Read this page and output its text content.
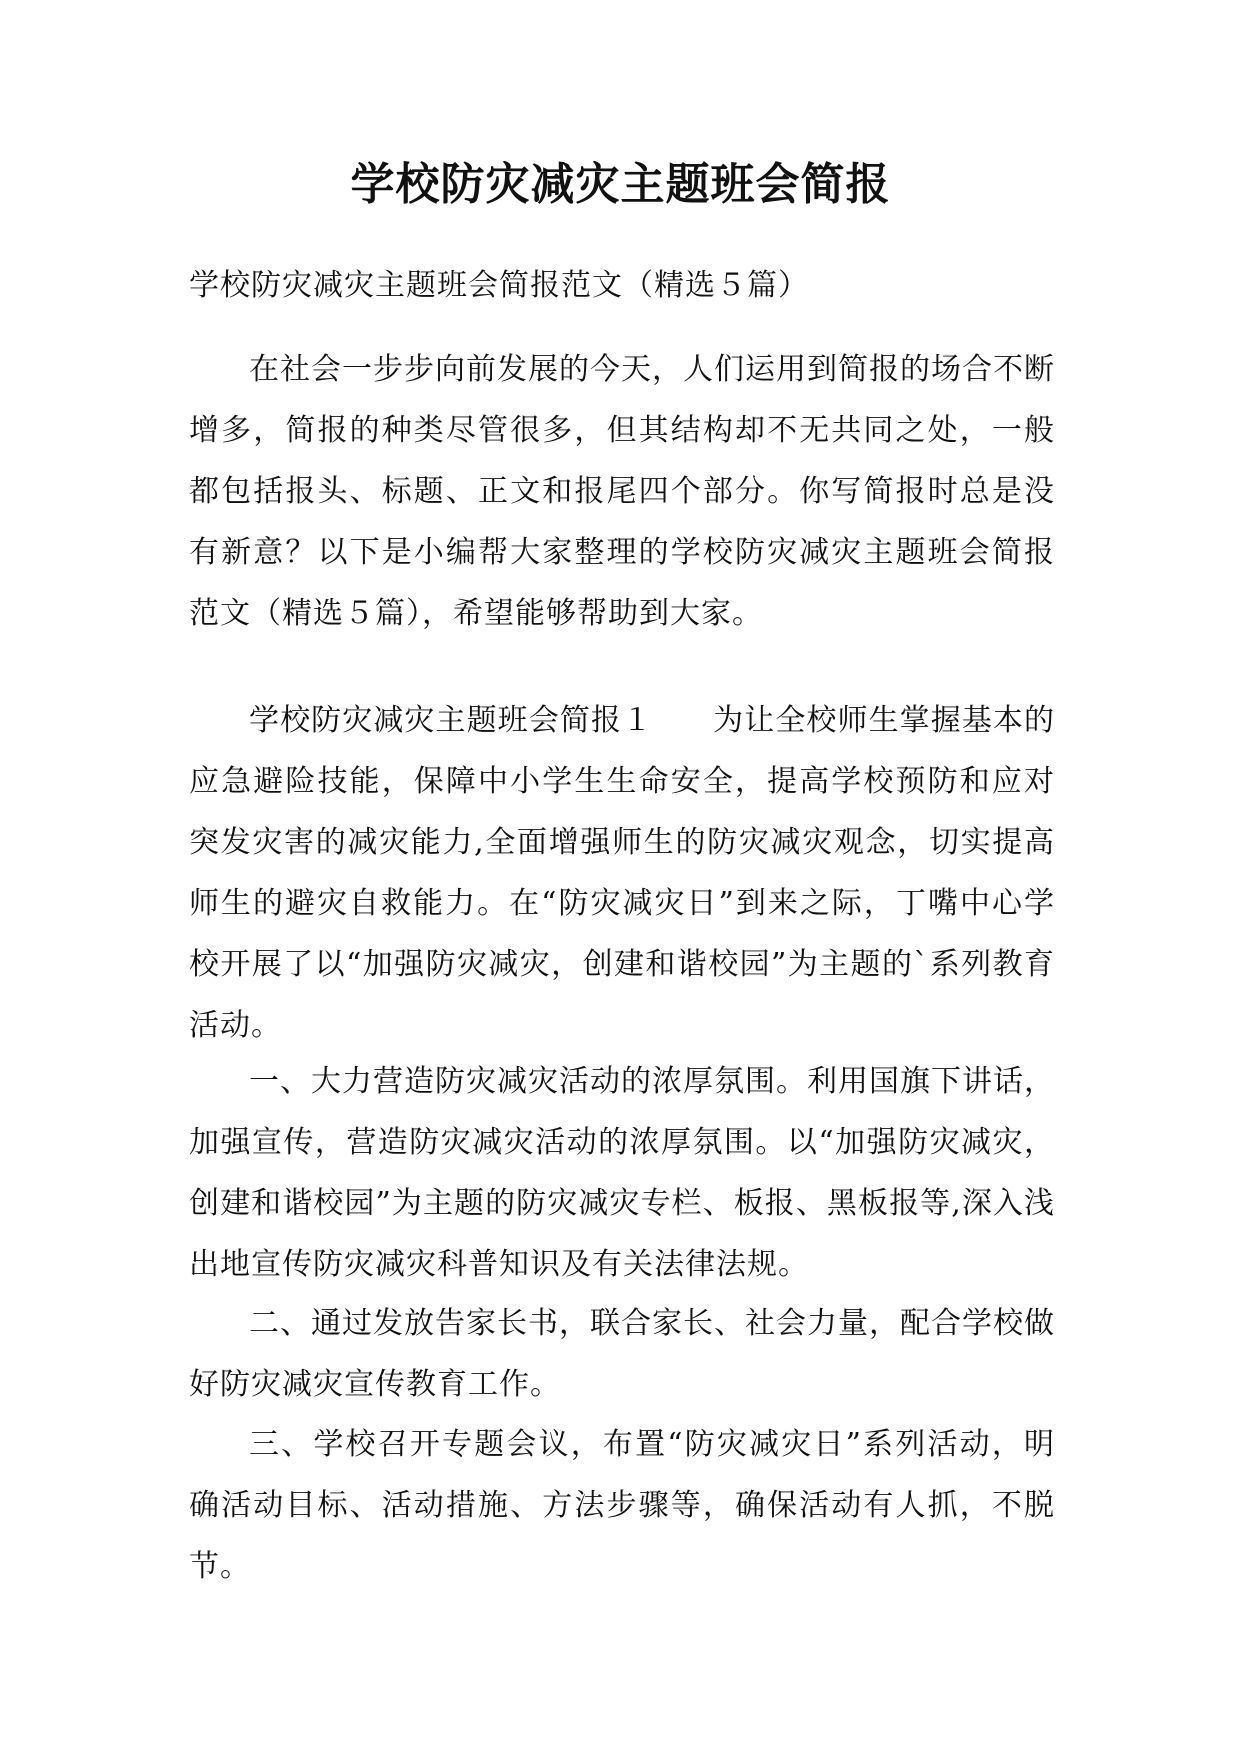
学校防灾减灾主题班会简报

学校防灾减灾主题班会简报范文（精选５篇）

在社会一步步向前发展的今天，人们运用到简报的场合不断增多，简报的种类尽管很多，但其结构却不无共同之处，一般都包括报头、标题、正文和报尾四个部分。你写简报时总是没有新意？以下是小编帮大家整理的学校防灾减灾主题班会简报范文（精选５篇），希望能够帮助到大家。

学校防灾减灾主题班会简报１ 为让全校师生掌握基本的应急避险技能，保障中小学生生命安全，提高学校预防和应对突发灾害的减灾能力,全面增强师生的防灾减灾观念，切实提高师生的避灾自救能力。在“防灾减灾日”到来之际，丁嘴中心学校开展了以“加强防灾减灾，创建和谐校园”为主题的`系列教育活动。

一、大力营造防灾减灾活动的浓厚氛围。利用国旗下讲话，加强宣传，营造防灾减灾活动的浓厚氛围。以“加强防灾减灾，创建和谐校园”为主题的防灾减灾专栏、板报、黑板报等,深入浅出地宣传防灾减灾科普知识及有关法律法规。

二、通过发放告家长书，联合家长、社会力量，配合学校做好防灾减灾宣传教育工作。

三、学校召开专题会议，布置“防灾减灾日”系列活动，明确活动目标、活动措施、方法步骤等，确保活动有人抓，不脱节。
